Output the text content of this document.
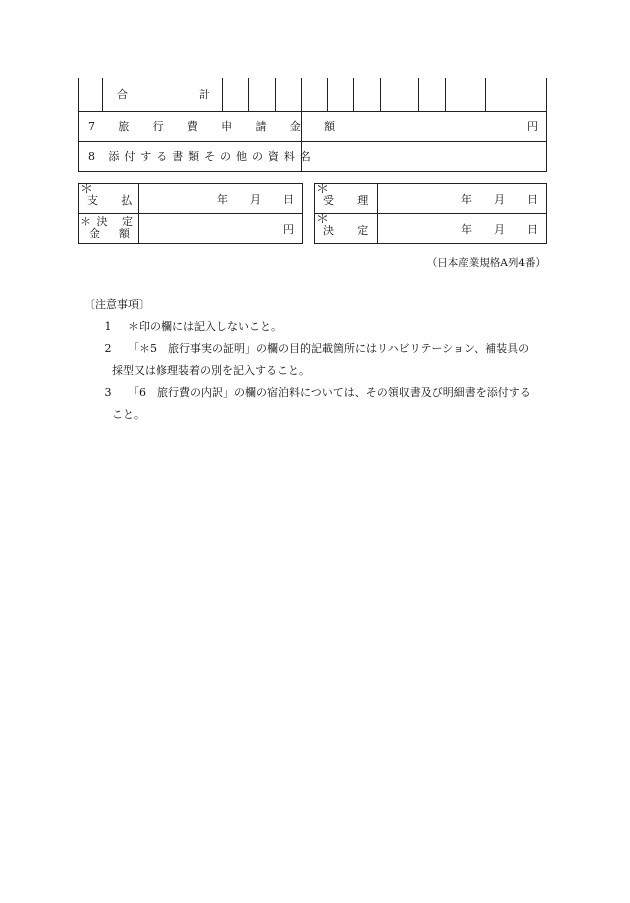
	合 計										

7 旅 行 費 申 請 金 額					円						
8 添付する書類その他の資料名											
＊
支 払	年 月 日

＊決 定
金 額	円
＊
受 理	年 月 日

＊
決 定	年 月 日
（日本産業規格A列4番）
〔注意事項〕
1	＊印の欄には記入しないこと。
2	「＊5　旅行事実の証明」の欄の目的記載箇所にはリハビリテーション、補装具の
採型又は修理装着の別を記入すること。
3	「6　旅行費の内訳」の欄の宿泊料については、その領収書及び明細書を添付する
こと。
